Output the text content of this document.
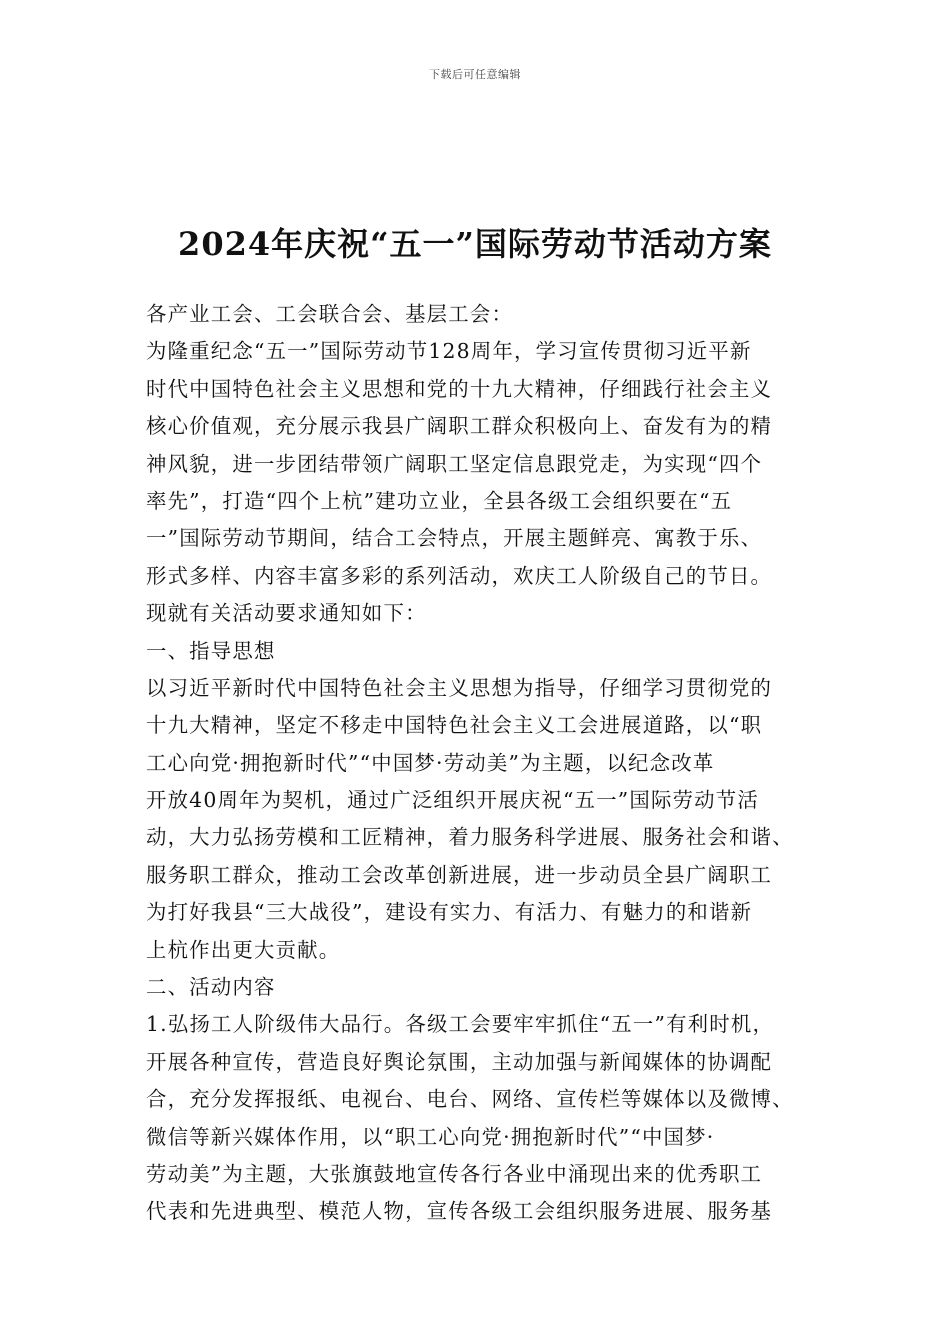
下载后可任意编辑
2024年庆祝“五一”国际劳动节活动方案
各产业工会、工会联合会、基层工会：
为隆重纪念“五一”国际劳动节128周年，学习宣传贯彻习近平新
时代中国特色社会主义思想和党的十九大精神，仔细践行社会主义
核心价值观，充分展示我县广阔职工群众积极向上、奋发有为的精
神风貌，进一步团结带领广阔职工坚定信息跟党走，为实现“四个
率先”，打造“四个上杭”建功立业，全县各级工会组织要在“五
一”国际劳动节期间，结合工会特点，开展主题鲜亮、寓教于乐、
形式多样、内容丰富多彩的系列活动，欢庆工人阶级自己的节日。
现就有关活动要求通知如下：
一、指导思想
以习近平新时代中国特色社会主义思想为指导，仔细学习贯彻党的
十九大精神，坚定不移走中国特色社会主义工会进展道路，以“职
工心向党·拥抱新时代”“中国梦·劳动美”为主题，以纪念改革
开放40周年为契机，通过广泛组织开展庆祝“五一”国际劳动节活
动，大力弘扬劳模和工匠精神，着力服务科学进展、服务社会和谐、
服务职工群众，推动工会改革创新进展，进一步动员全县广阔职工
为打好我县“三大战役”，建设有实力、有活力、有魅力的和谐新
上杭作出更大贡献。
二、活动内容
1.弘扬工人阶级伟大品行。各级工会要牢牢抓住“五一”有利时机，
开展各种宣传，营造良好舆论氛围，主动加强与新闻媒体的协调配
合，充分发挥报纸、电视台、电台、网络、宣传栏等媒体以及微博、
微信等新兴媒体作用，以“职工心向党·拥抱新时代”“中国梦·
劳动美”为主题，大张旗鼓地宣传各行各业中涌现出来的优秀职工
代表和先进典型、模范人物，宣传各级工会组织服务进展、服务基
